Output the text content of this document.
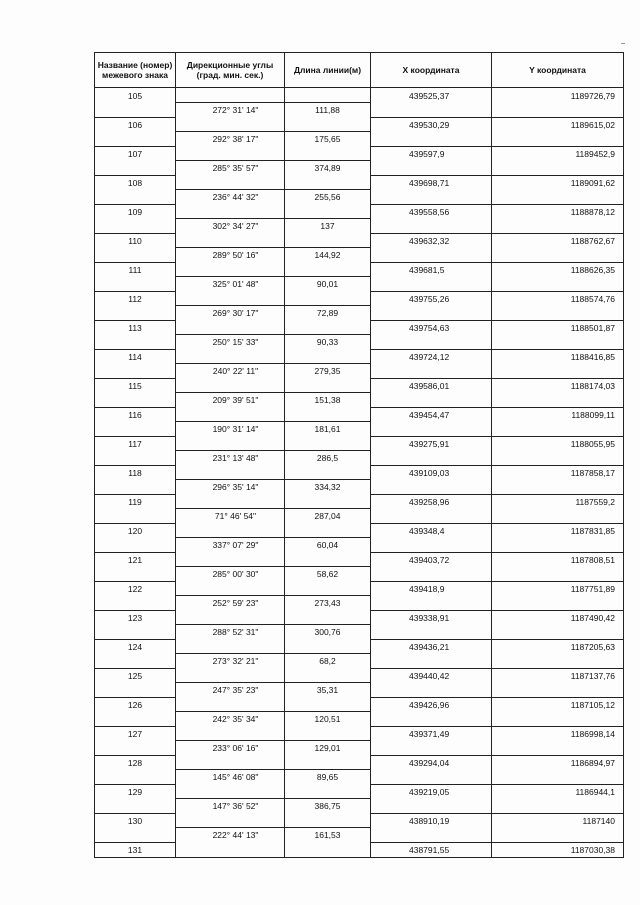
Название (номер) межевого знака	Дирекционные углы (град. мин. сек.)	Длина линии(м)	X координата	Y координата
105			439525,37	1189726,79
	272° 31' 14"	111,88		
106			439530,29	1189615,02
	292° 38' 17"	175,65		
107			439597,9	1189452,9
	285° 35' 57"	374,89		
108			439698,71	1189091,62
	236° 44' 32"	255,56		
109			439558,56	1188878,12
	302° 34' 27"	137		
110			439632,32	1188762,67
	289° 50' 16"	144,92		
111			439681,5	1188626,35
	325° 01' 48"	90,01		
112			439755,26	1188574,76
	269° 30' 17"	72,89		
113			439754,63	1188501,87
	250° 15' 33"	90,33		
114			439724,12	1188416,85
	240° 22' 11"	279,35		
115			439586,01	1188174,03
	209° 39' 51"	151,38		
116			439454,47	1188099,11
	190° 31' 14"	181,61		
117			439275,91	1188055,95
	231° 13' 48"	286,5		
118			439109,03	1187858,17
	296° 35' 14"	334,32		
119			439258,96	1187559,2
	71° 46' 54"	287,04		
120			439348,4	1187831,85
	337° 07' 29"	60,04		
121			439403,72	1187808,51
	285° 00' 30"	58,62		
122			439418,9	1187751,89
	252° 59' 23"	273,43		
123			439338,91	1187490,42
	288° 52' 31"	300,76		
124			439436,21	1187205,63
	273° 32' 21"	68,2		
125			439440,42	1187137,76
	247° 35' 23"	35,31		
126			439426,96	1187105,12
	242° 35' 34"	120,51		
127			439371,49	1186998,14
	233° 06' 16"	129,01		
128			439294,04	1186894,97
	145° 46' 08"	89,65		
129			439219,05	1186944,1
	147° 36' 52"	386,75		
130			438910,19	1187140
	222° 44' 13"	161,53		
131			438791,55	1187030,38
